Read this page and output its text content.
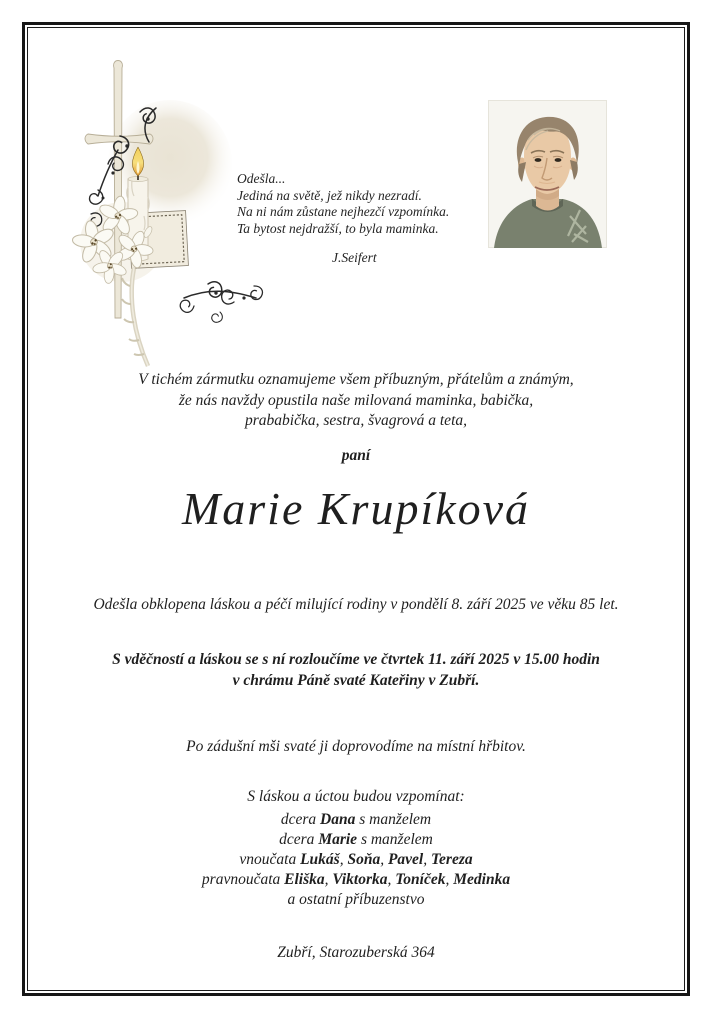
Odešla...
Jediná na světě, jež nikdy nezradí.
Na ni nám zůstane nejhezčí vzpomínka.
Ta bytost nejdražší, to byla maminka.
J.Seifert
V tichém zármutku oznamujeme všem příbuzným, přátelům a známým,
že nás navždy opustila naše milovaná maminka, babička,
prababička, sestra, švagrová a teta,
paní
Marie Krupíková
Odešla obklopena láskou a péčí milující rodiny v pondělí 8. září 2025 ve věku 85 let.
S vděčností a láskou se s ní rozloučíme ve čtvrtek 11. září 2025 v 15.00 hodin
v chrámu Páně svaté Kateřiny v Zubří.
Po zádušní mši svaté ji doprovodíme na místní hřbitov.
S láskou a úctou budou vzpomínat:
dcera Dana s manželem
dcera Marie s manželem
vnoučata Lukáš, Soňa, Pavel, Tereza
pravnoučata Eliška, Viktorka, Toníček, Medinka
a ostatní příbuzenstvo
Zubří, Starozuberská 364
